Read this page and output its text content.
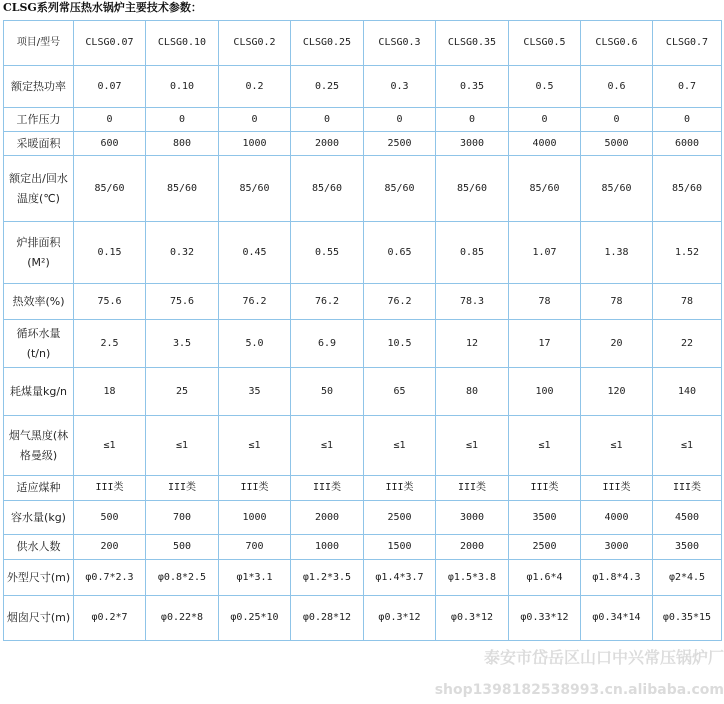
CLSG系列常压热水锅炉主要技术参数：
项目/型号	CLSG0.07	CLSG0.10	CLSG0.2	CLSG0.25	CLSG0.3	CLSG0.35	CLSG0.5	CLSG0.6	CLSG0.7
额定热功率	0.07	0.10	0.2	0.25	0.3	0.35	0.5	0.6	0.7
工作压力	0	0	0	0	0	0	0	0	0
采暖面积	600	800	1000	2000	2500	3000	4000	5000	6000
额定出/回水温度(℃)	85/60	85/60	85/60	85/60	85/60	85/60	85/60	85/60	85/60
炉排面积(M²)	0.15	0.32	0.45	0.55	0.65	0.85	1.07	1.38	1.52
热效率(%)	75.6	75.6	76.2	76.2	76.2	78.3	78	78	78
循环水量(t/n)	2.5	3.5	5.0	6.9	10.5	12	17	20	22
耗煤量kg/n	18	25	35	50	65	80	100	120	140
烟气黑度(林格曼级)	≤1	≤1	≤1	≤1	≤1	≤1	≤1	≤1	≤1
适应煤种	III类	III类	III类	III类	III类	III类	III类	III类	III类
容水量(kg)	500	700	1000	2000	2500	3000	3500	4000	4500
供水人数	200	500	700	1000	1500	2000	2500	3000	3500
外型尺寸(m)	φ0.7*2.3	φ0.8*2.5	φ1*3.1	φ1.2*3.5	φ1.4*3.7	φ1.5*3.8	φ1.6*4	φ1.8*4.3	φ2*4.5
烟囱尺寸(m)	φ0.2*7	φ0.22*8	φ0.25*10	φ0.28*12	φ0.3*12	φ0.3*12	φ0.33*12	φ0.34*14	φ0.35*15
泰安市岱岳区山口中兴常压锅炉厂
shop1398182538993.cn.alibaba.com
